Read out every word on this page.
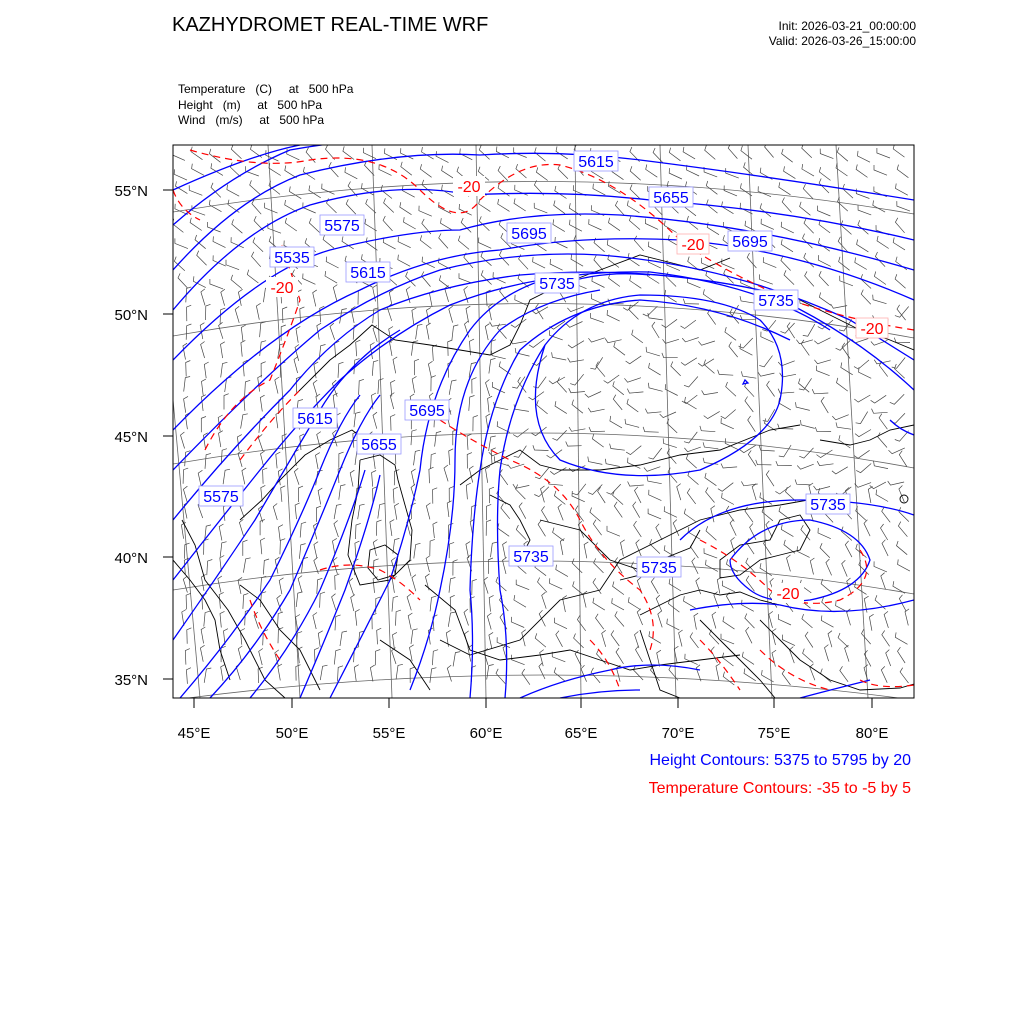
KAZHYDROMET REAL-TIME WRF	Init: 2026-03-21_00:00:00
Valid: 2026-03-26_15:00:00
Temperature   (C)     at   500 hPa
Height   (m)     at   500 hPa
Wind   (m/s)     at   500 hPa
55°N
50°N
45°N
40°N
35°N
45°E	50°E	55°E	60°E	65°E	70°E	75°E	80°E
5615
5655
5575
5695
5535
5615
5735
5695
5735
5615	5695
5655
5575	5735
5735
5735
-20
-20
-20
-20
-20
Height Contours: 5375 to 5795 by 20
Temperature Contours: -35 to -5 by 5
